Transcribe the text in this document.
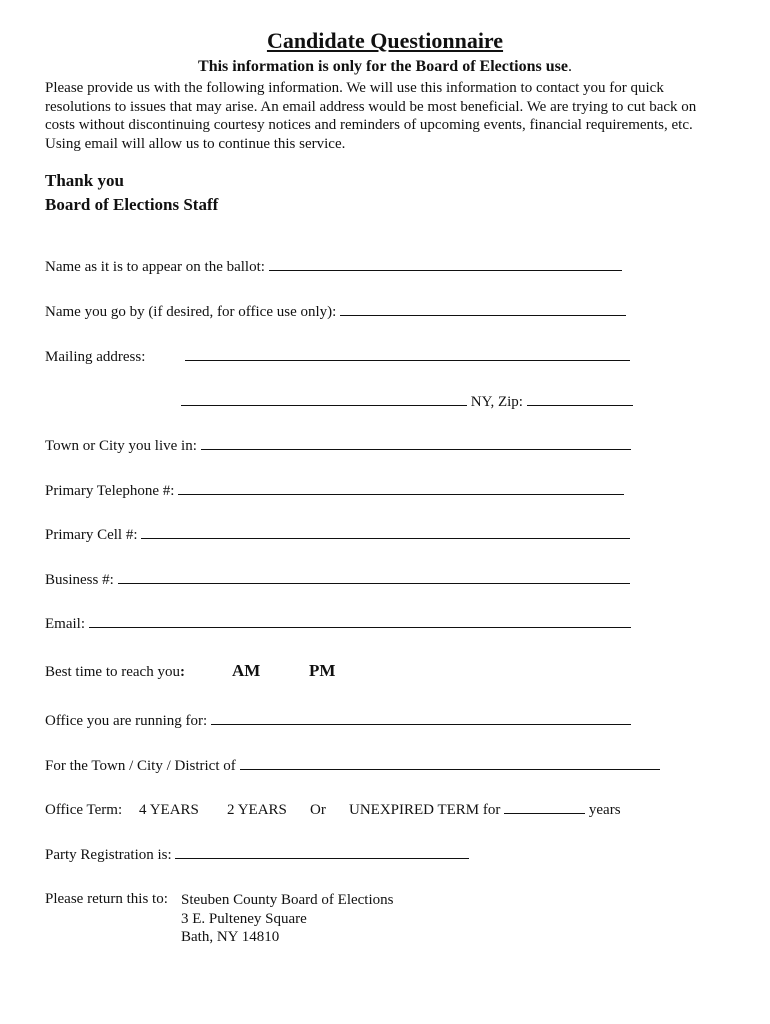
Candidate Questionnaire
This information is only for the Board of Elections use.
Please provide us with the following information. We will use this information to contact you for quick
resolutions to issues that may arise. An email address would be most beneficial. We are trying to cut back on
costs without discontinuing courtesy notices and reminders of upcoming events, financial requirements, etc.
Using email will allow us to continue this service.
Thank you
Board of Elections Staff
Name as it is to appear on the ballot:
Name you go by (if desired, for office use only):
Mailing address:
NY, Zip:
Town or City you live in:
Primary Telephone #:
Primary Cell #:
Business #:
Email:
Best time to reach you:	AM	PM
Office you are running for:
For the Town / City / District of
Office Term: 4 YEARS 2 YEARS Or UNEXPIRED TERM for	years
Party Registration is:
Please return this to: Steuben County Board of Elections
3 E. Pulteney Square
Bath, NY 14810
